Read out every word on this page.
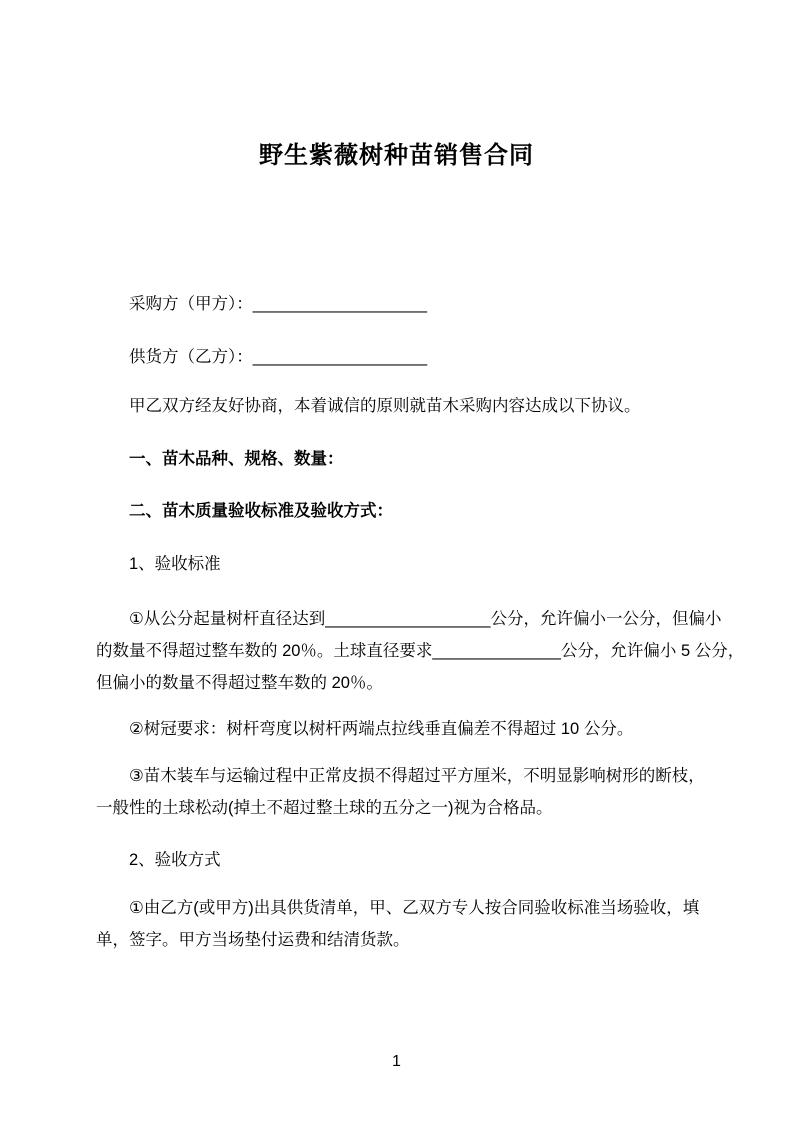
野生紫薇树种苗销售合同

采购方（甲方）：___________________

供货方（乙方）：___________________

甲乙双方经友好协商，本着诚信的原则就苗木采购内容达成以下协议。

一、苗木品种、规格、数量：

二、苗木质量验收标准及验收方式：

1、验收标准

①从公分起量树杆直径达到__________________公分，允许偏小一公分，但偏小

的数量不得超过整车数的 20％。土球直径要求______________公分，允许偏小 5 公分，

但偏小的数量不得超过整车数的 20％。

②树冠要求：树杆弯度以树杆两端点拉线垂直偏差不得超过 10 公分。

③苗木装车与运输过程中正常皮损不得超过平方厘米，不明显影响树形的断枝，

一般性的土球松动(掉土不超过整土球的五分之一)视为合格品。

2、验收方式

①由乙方(或甲方)出具供货清单，甲、乙双方专人按合同验收标准当场验收，填

单，签字。甲方当场垫付运费和结清货款。

1
